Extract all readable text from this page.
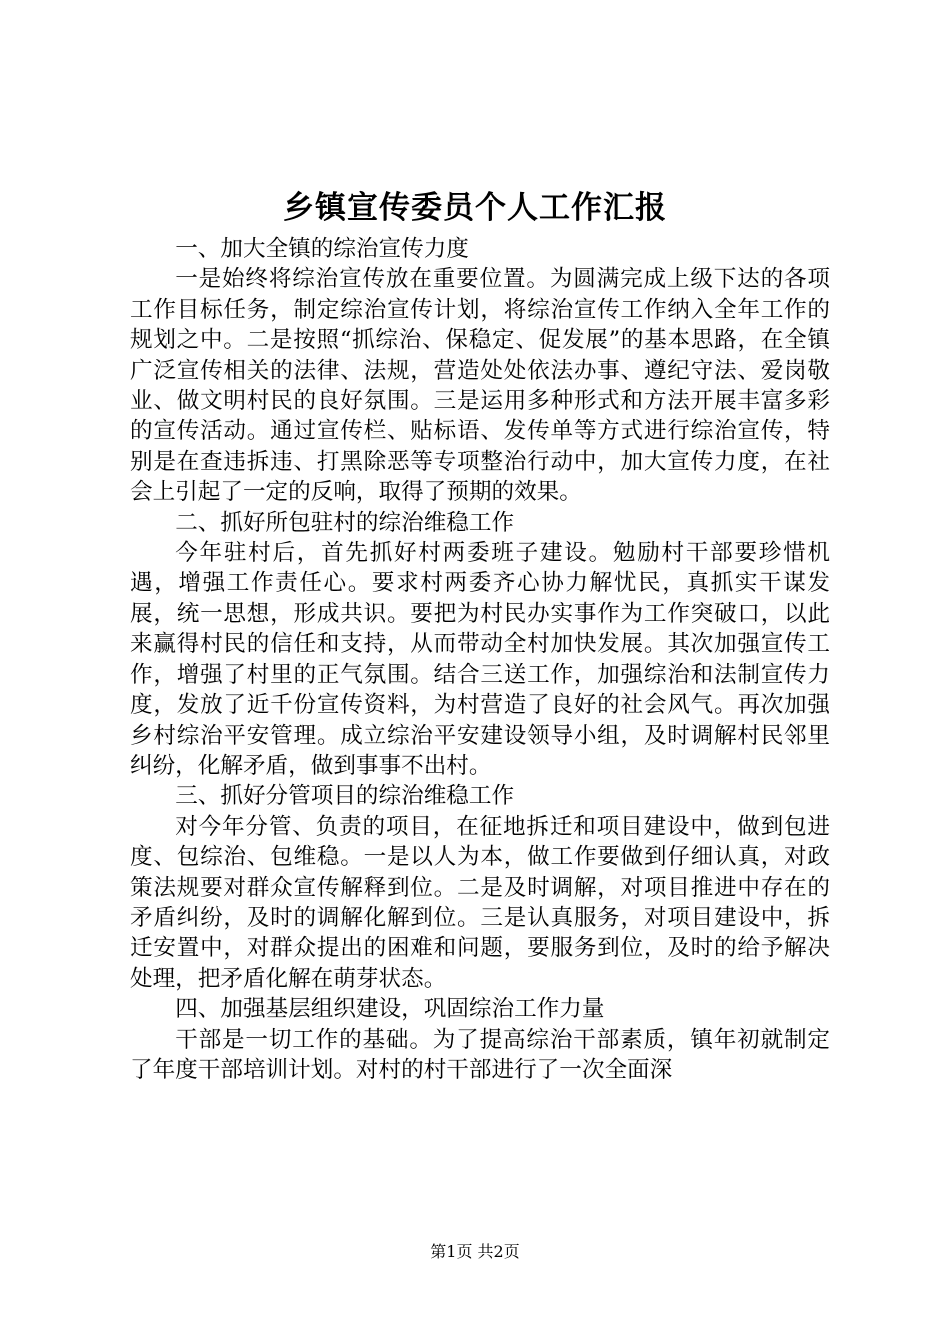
乡镇宣传委员个人工作汇报

一、加大全镇的综治宣传力度

一是始终将综治宣传放在重要位置。为圆满完成上级下达的各项工作目标任务，制定综治宣传计划，将综治宣传工作纳入全年工作的规划之中。二是按照“抓综治、保稳定、促发展”的基本思路，在全镇广泛宣传相关的法律、法规，营造处处依法办事、遵纪守法、爱岗敬业、做文明村民的良好氛围。三是运用多种形式和方法开展丰富多彩的宣传活动。通过宣传栏、贴标语、发传单等方式进行综治宣传，特别是在查违拆违、打黑除恶等专项整治行动中，加大宣传力度，在社会上引起了一定的反响，取得了预期的效果。

二、抓好所包驻村的综治维稳工作

今年驻村后，首先抓好村两委班子建设。勉励村干部要珍惜机遇，增强工作责任心。要求村两委齐心协力解忧民，真抓实干谋发展，统一思想，形成共识。要把为村民办实事作为工作突破口，以此来赢得村民的信任和支持，从而带动全村加快发展。其次加强宣传工作，增强了村里的正气氛围。结合三送工作，加强综治和法制宣传力度，发放了近千份宣传资料，为村营造了良好的社会风气。再次加强乡村综治平安管理。成立综治平安建设领导小组，及时调解村民邻里纠纷，化解矛盾，做到事事不出村。

三、抓好分管项目的综治维稳工作

对今年分管、负责的项目，在征地拆迁和项目建设中，做到包进度、包综治、包维稳。一是以人为本，做工作要做到仔细认真，对政策法规要对群众宣传解释到位。二是及时调解，对项目推进中存在的矛盾纠纷，及时的调解化解到位。三是认真服务，对项目建设中，拆迁安置中，对群众提出的困难和问题，要服务到位，及时的给予解决处理，把矛盾化解在萌芽状态。

四、加强基层组织建设，巩固综治工作力量

干部是一切工作的基础。为了提高综治干部素质，镇年初就制定了年度干部培训计划。对村的村干部进行了一次全面深

第1页 共2页
